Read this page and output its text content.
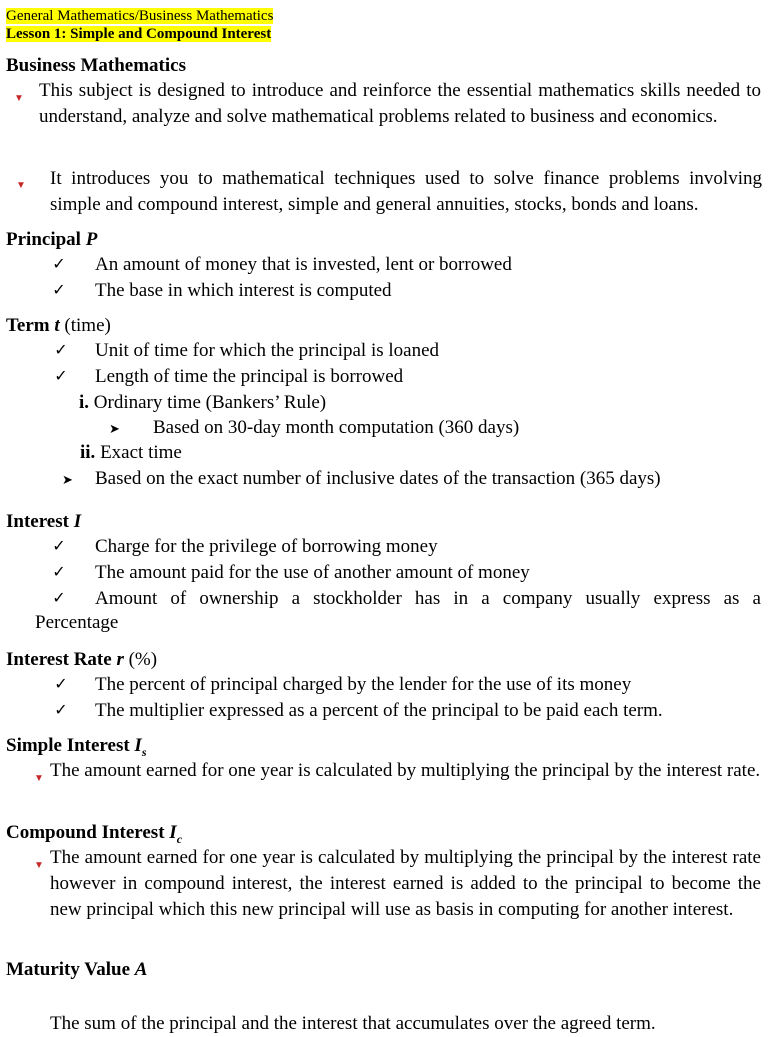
General Mathematics/Business Mathematics
Lesson 1: Simple and Compound Interest
Business Mathematics
▼ This subject is designed to introduce and reinforce the essential mathematics skills needed to understand, analyze and solve mathematical problems related to business and economics.
▼ It introduces you to mathematical techniques used to solve finance problems involving simple and compound interest, simple and general annuities, stocks, bonds and loans.
Principal P
✓ An amount of money that is invested, lent or borrowed
✓ The base in which interest is computed
Term t (time)
✓ Unit of time for which the principal is loaned
✓ Length of time the principal is borrowed
i. Ordinary time (Bankers’ Rule)
➤ Based on 30-day month computation (360 days)
ii. Exact time
➤ Based on the exact number of inclusive dates of the transaction (365 days)
Interest I
✓ Charge for the privilege of borrowing money
✓ The amount paid for the use of another amount of money
✓ Amount of ownership a stockholder has in a company usually express as a
Percentage
Interest Rate r (%)
✓ The percent of principal charged by the lender for the use of its money
✓ The multiplier expressed as a percent of the principal to be paid each term.
Simple Interest $I_s$
▼ The amount earned for one year is calculated by multiplying the principal by the interest rate.
Compound Interest $I_c$
▼ The amount earned for one year is calculated by multiplying the principal by the interest rate however in compound interest, the interest earned is added to the principal to become the new principal which this new principal will use as basis in computing for another interest.
Maturity Value A
The sum of the principal and the interest that accumulates over the agreed term.
